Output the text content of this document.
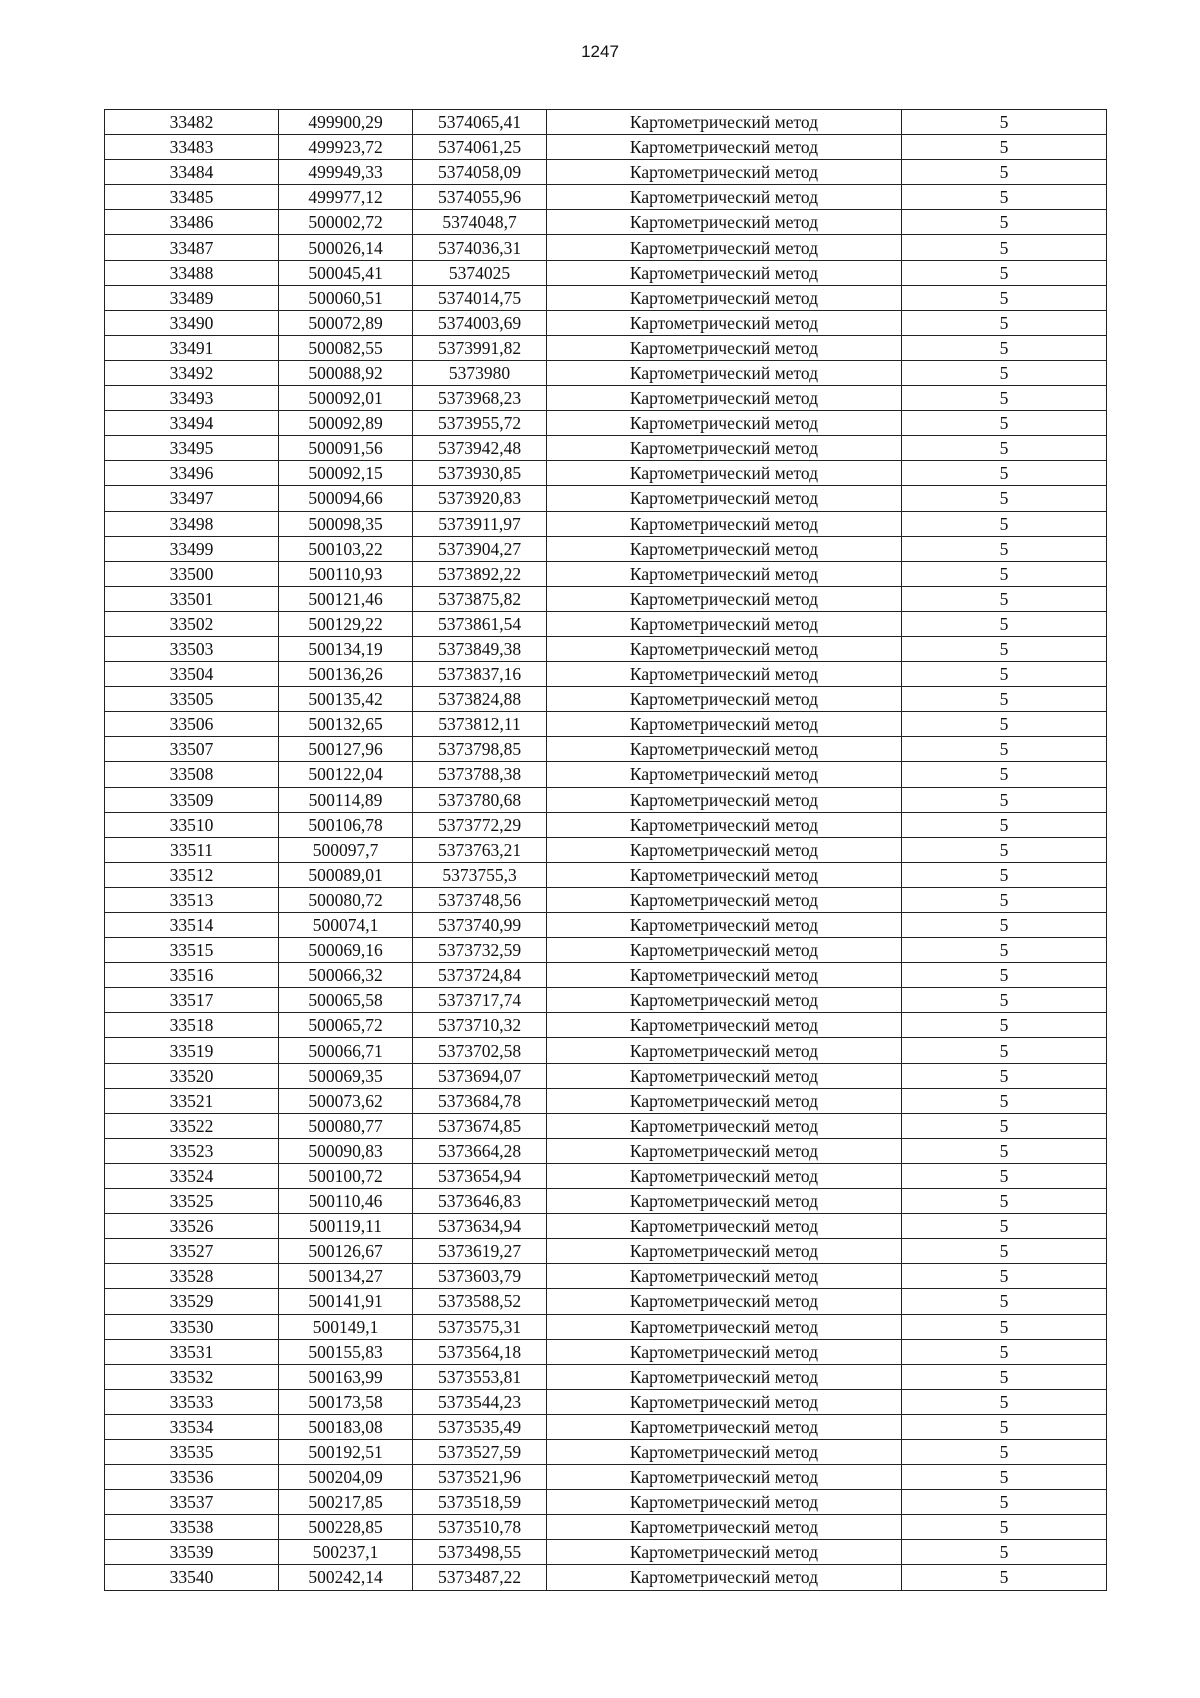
1247
33482	499900,29	5374065,41	Картометрический метод	5
33483	499923,72	5374061,25	Картометрический метод	5
33484	499949,33	5374058,09	Картометрический метод	5
33485	499977,12	5374055,96	Картометрический метод	5
33486	500002,72	5374048,7	Картометрический метод	5
33487	500026,14	5374036,31	Картометрический метод	5
33488	500045,41	5374025	Картометрический метод	5
33489	500060,51	5374014,75	Картометрический метод	5
33490	500072,89	5374003,69	Картометрический метод	5
33491	500082,55	5373991,82	Картометрический метод	5
33492	500088,92	5373980	Картометрический метод	5
33493	500092,01	5373968,23	Картометрический метод	5
33494	500092,89	5373955,72	Картометрический метод	5
33495	500091,56	5373942,48	Картометрический метод	5
33496	500092,15	5373930,85	Картометрический метод	5
33497	500094,66	5373920,83	Картометрический метод	5
33498	500098,35	5373911,97	Картометрический метод	5
33499	500103,22	5373904,27	Картометрический метод	5
33500	500110,93	5373892,22	Картометрический метод	5
33501	500121,46	5373875,82	Картометрический метод	5
33502	500129,22	5373861,54	Картометрический метод	5
33503	500134,19	5373849,38	Картометрический метод	5
33504	500136,26	5373837,16	Картометрический метод	5
33505	500135,42	5373824,88	Картометрический метод	5
33506	500132,65	5373812,11	Картометрический метод	5
33507	500127,96	5373798,85	Картометрический метод	5
33508	500122,04	5373788,38	Картометрический метод	5
33509	500114,89	5373780,68	Картометрический метод	5
33510	500106,78	5373772,29	Картометрический метод	5
33511	500097,7	5373763,21	Картометрический метод	5
33512	500089,01	5373755,3	Картометрический метод	5
33513	500080,72	5373748,56	Картометрический метод	5
33514	500074,1	5373740,99	Картометрический метод	5
33515	500069,16	5373732,59	Картометрический метод	5
33516	500066,32	5373724,84	Картометрический метод	5
33517	500065,58	5373717,74	Картометрический метод	5
33518	500065,72	5373710,32	Картометрический метод	5
33519	500066,71	5373702,58	Картометрический метод	5
33520	500069,35	5373694,07	Картометрический метод	5
33521	500073,62	5373684,78	Картометрический метод	5
33522	500080,77	5373674,85	Картометрический метод	5
33523	500090,83	5373664,28	Картометрический метод	5
33524	500100,72	5373654,94	Картометрический метод	5
33525	500110,46	5373646,83	Картометрический метод	5
33526	500119,11	5373634,94	Картометрический метод	5
33527	500126,67	5373619,27	Картометрический метод	5
33528	500134,27	5373603,79	Картометрический метод	5
33529	500141,91	5373588,52	Картометрический метод	5
33530	500149,1	5373575,31	Картометрический метод	5
33531	500155,83	5373564,18	Картометрический метод	5
33532	500163,99	5373553,81	Картометрический метод	5
33533	500173,58	5373544,23	Картометрический метод	5
33534	500183,08	5373535,49	Картометрический метод	5
33535	500192,51	5373527,59	Картометрический метод	5
33536	500204,09	5373521,96	Картометрический метод	5
33537	500217,85	5373518,59	Картометрический метод	5
33538	500228,85	5373510,78	Картометрический метод	5
33539	500237,1	5373498,55	Картометрический метод	5
33540	500242,14	5373487,22	Картометрический метод	5
